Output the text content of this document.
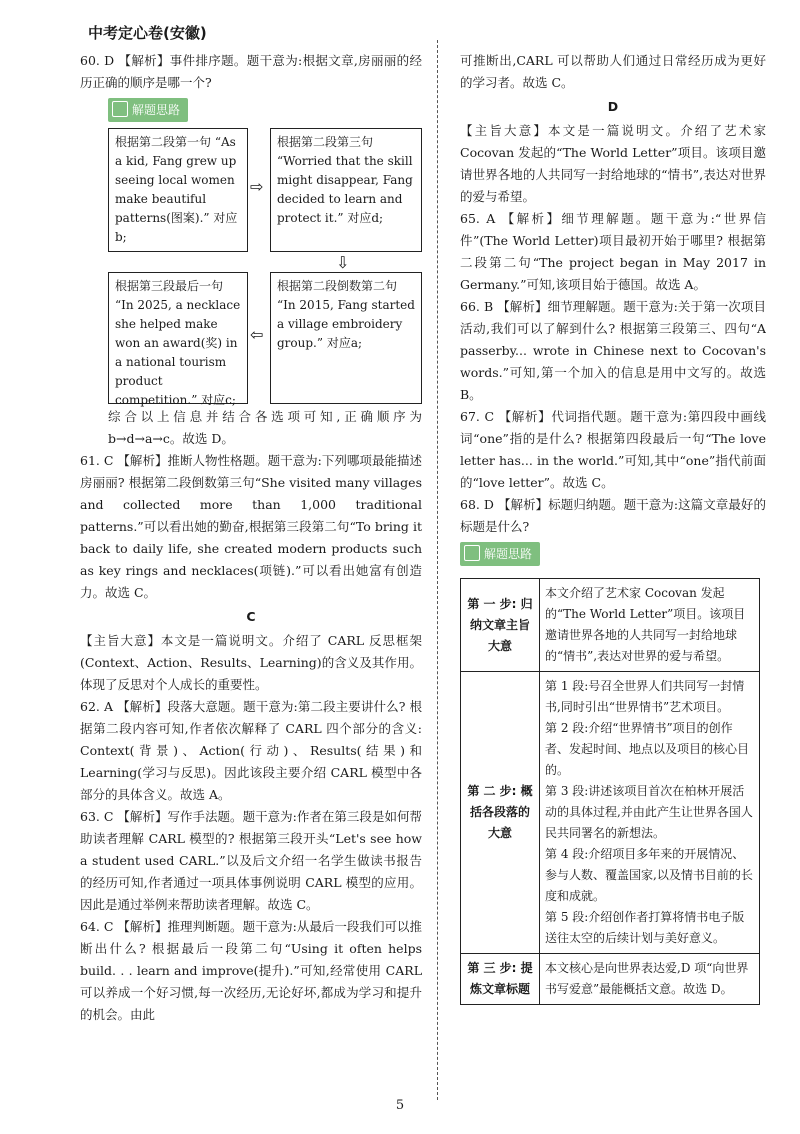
中考定心卷(安徽)

60. D 【解析】事件排序题。题干意为:根据文章,房丽丽的经历正确的顺序是哪一个?

解题思路
根据第二段第一句 “As a kid, Fang grew up seeing local women make beautiful patterns(图案).” 对应b;
⇨
根据第二段第三句 “Worried that the skill might disappear, Fang decided to learn and protect it.” 对应d;
⇩
根据第三段最后一句 “In 2025, a necklace she helped make won an award(奖) in a national tourism product competition.” 对应c;
⇦
根据第二段倒数第二句 “In 2015, Fang started a village embroidery group.” 对应a;

综合以上信息并结合各选项可知,正确顺序为 b→d→a→c。故选 D。

61. C 【解析】推断人物性格题。题干意为:下列哪项最能描述房丽丽? 根据第二段倒数第三句“She visited many villages and collected more than 1,000 traditional patterns.”可以看出她的勤奋,根据第三段第二句“To bring it back to daily life, she created modern products such as key rings and necklaces(项链).”可以看出她富有创造力。故选 C。

C

【主旨大意】本文是一篇说明文。介绍了 CARL 反思框架(Context、Action、Results、Learning)的含义及其作用。体现了反思对个人成长的重要性。

62. A 【解析】段落大意题。题干意为:第二段主要讲什么? 根据第二段内容可知,作者依次解释了 CARL 四个部分的含义: Context(背景)、Action(行动)、Results(结果)和 Learning(学习与反思)。因此该段主要介绍 CARL 模型中各部分的具体含义。故选 A。

63. C 【解析】写作手法题。题干意为:作者在第三段是如何帮助读者理解 CARL 模型的? 根据第三段开头“Let's see how a student used CARL.”以及后文介绍一名学生做读书报告的经历可知,作者通过一项具体事例说明 CARL 模型的应用。因此是通过举例来帮助读者理解。故选 C。

64. C 【解析】推理判断题。题干意为:从最后一段我们可以推断出什么? 根据最后一段第二句“Using it often helps build. . . learn and improve(提升).”可知,经常使用 CARL 可以养成一个好习惯,每一次经历,无论好坏,都成为学习和提升的机会。由此

可推断出,CARL 可以帮助人们通过日常经历成为更好的学习者。故选 C。

D

【主旨大意】本文是一篇说明文。介绍了艺术家 Cocovan 发起的“The World Letter”项目。该项目邀请世界各地的人共同写一封给地球的“情书”,表达对世界的爱与希望。

65. A 【解析】细节理解题。题干意为:“世界信件”(The World Letter)项目最初开始于哪里? 根据第二段第二句“The project began in May 2017 in Germany.”可知,该项目始于德国。故选 A。

66. B 【解析】细节理解题。题干意为:关于第一次项目活动,我们可以了解到什么? 根据第三段第三、四句“A passerby... wrote in Chinese next to Cocovan's words.”可知,第一个加入的信息是用中文写的。故选 B。

67. C 【解析】代词指代题。题干意为:第四段中画线词“one”指的是什么? 根据第四段最后一句“The love letter has... in the world.”可知,其中“one”指代前面的“love letter”。故选 C。

68. D 【解析】标题归纳题。题干意为:这篇文章最好的标题是什么?

解题思路
第 一 步: 归纳文章主旨大意	本文介绍了艺术家 Cocovan 发起的“The World Letter”项目。该项目邀请世界各地的人共同写一封给地球的“情书”,表达对世界的爱与希望。
第 二 步: 概括各段落的大意	第 1 段:号召全世界人们共同写一封情书,同时引出“世界情书”艺术项目。
第 2 段:介绍“世界情书”项目的创作者、发起时间、地点以及项目的核心目的。
第 3 段:讲述该项目首次在柏林开展活动的具体过程,并由此产生让世界各国人民共同署名的新想法。
第 4 段:介绍项目多年来的开展情况、参与人数、覆盖国家,以及情书目前的长度和成就。
第 5 段:介绍创作者打算将情书电子版送往太空的后续计划与美好意义。

第 三 步: 提炼文章标题	本文核心是向世界表达爱,D 项“向世界书写爱意”最能概括文意。故选 D。
5
